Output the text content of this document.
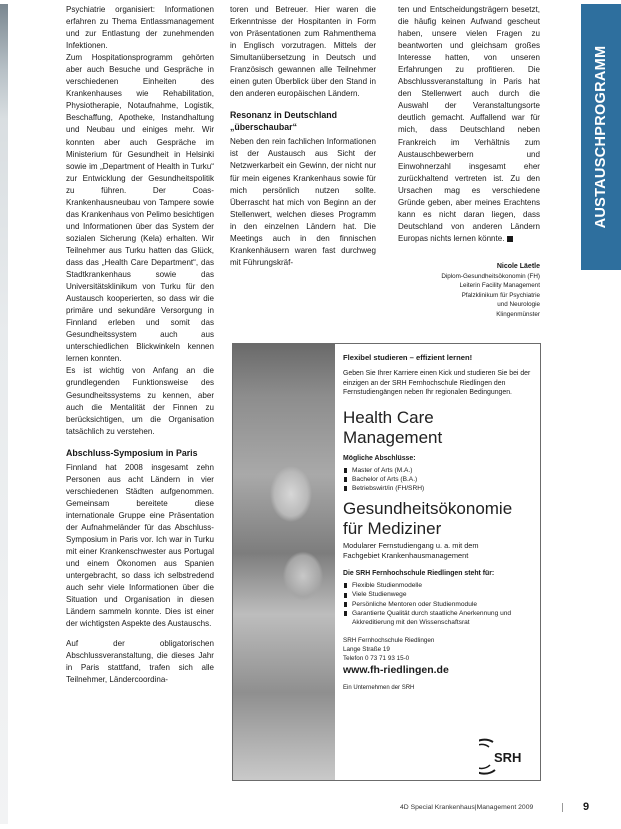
Psychiatrie organisiert: Informationen erfahren zu Thema Entlassmanagement und zur Entlastung der zunehmenden Infektionen.

Zum Hospitationsprogramm gehörten aber auch Besuche und Gespräche in verschiedenen Einheiten des Krankenhauses wie Rehabilitation, Physiotherapie, Notaufnahme, Logistik, Beschaffung, Apotheke, Instandhaltung und Neubau und einiges mehr. Wir konnten aber auch Gespräche im Ministerium für Gesundheit in Helsinki sowie im „Department of Health in Turku“ zur Entwicklung der Gesundheitspolitik zu führen. Der Coas-Krankenhausneubau von Tampere sowie das Krankenhaus von Pelimo besichtigen und Informationen über das System der sozialen Sicherung (Kela) erhalten. Wir Teilnehmer aus Turku hatten das Glück, dass das „Health Care Department“, das Stadtkrankenhaus sowie das Universitätsklinikum von Turku für den Austausch kooperierten, so dass wir die primäre und sekundäre Versorgung in Finnland erleben und somit das Gesundheitssystem auch aus unterschiedlichen Blickwinkeln kennen lernen konnten.

Es ist wichtig von Anfang an die grundlegenden Funktionsweise des Gesundheitssystems zu kennen, aber auch die Mentalität der Finnen zu berücksichtigen, um die Organisation tatsächlich zu verstehen.

Abschluss-Symposium in Paris

Finnland hat 2008 insgesamt zehn Personen aus acht Ländern in vier verschiedenen Städten aufgenommen. Gemeinsam bereitete diese internationale Gruppe eine Präsentation der Aufnahmeländer für das Abschluss-Symposium in Paris vor. Ich war in Turku mit einer Krankenschwester aus Portugal und einem Ökonomen aus Spanien untergebracht, so dass ich selbstredend auch sehr viele Informationen über die Situation und Organisation in diesen Ländern sammeln konnte. Dies ist einer der wichtigsten Aspekte des Austauschs.

Auf der obligatorischen Abschlussveranstaltung, die dieses Jahr in Paris stattfand, trafen sich alle Teilnehmer, Ländercoordina-

toren und Betreuer. Hier waren die Erkenntnisse der Hospitanten in Form von Präsentationen zum Rahmenthema in Englisch vorzutragen. Mittels der Simultanübersetzung in Deutsch und Französisch gewannen alle Teilnehmer einen guten Überblick über den Stand in den anderen europäischen Ländern.

Resonanz in Deutschland „überschaubar“

Neben den rein fachlichen Informationen ist der Austausch aus Sicht der Netzwerkarbeit ein Gewinn, der nicht nur für mein eigenes Krankenhaus sowie für mich persönlich nutzen sollte. Überrascht hat mich von Beginn an der Stellenwert, welchen dieses Programm in den einzelnen Ländern hat. Die Meetings auch in den finnischen Krankenhäusern waren fast durchweg mit Führungskräf-

ten und Entscheidungsträgern besetzt, die häufig keinen Aufwand gescheut haben, unsere vielen Fragen zu beantworten und gleichsam großes Interesse hatten, von unseren Erfahrungen zu profitieren. Die Abschlussveranstaltung in Paris hat den Stellenwert auch durch die Auswahl der Veranstaltungsorte deutlich gemacht. Auffallend war für mich, dass Deutschland neben Frankreich im Verhältnis zum Austauschbewerbern und Einwohnerzahl insgesamt eher zurückhaltend vertreten ist. Zu den Ursachen mag es verschiedene Gründe geben, aber meines Erachtens kann es nicht daran liegen, dass Deutschland von anderen Ländern Europas nichts lernen könnte.

Nicole Läetle
Diplom-Gesundheitsökonomin (FH)
Leiterin Facility Management
Pfalzklinikum für Psychiatrie
und Neurologie
Klingenmünster
AUSTAUSCHPROGRAMM
Flexibel studieren – effizient lernen!
Geben Sie Ihrer Karriere einen Kick und studieren Sie bei der einzigen an der SRH Fernhochschule Riedlingen den Fernstudiengängen neben Ihr regionalen Bedingungen.
Health Care
Management
Mögliche Abschlüsse:
Master of Arts (M.A.)
Bachelor of Arts (B.A.)
Betriebswirt/in (FH/SRH)
Gesundheitsökonomie
für Mediziner
Modularer Fernstudiengang u. a. mit dem
Fachgebiet Krankenhausmanagement
Die SRH Fernhochschule Riedlingen steht für:
Flexible Studienmodelle
Viele Studienwege
Persönliche Mentoren oder Studienmodule
Garantierte Qualität durch staatliche Anerkennung und Akkreditierung mit den Wissenschaftsrat
SRH Fernhochschule Riedlingen
Lange Straße 19
Telefon 0 73 71 93 15-0
www.fh-riedlingen.de
Ein Unternehmen der SRH
SRH
4D Special Krankenhaus|Management 2009	9
